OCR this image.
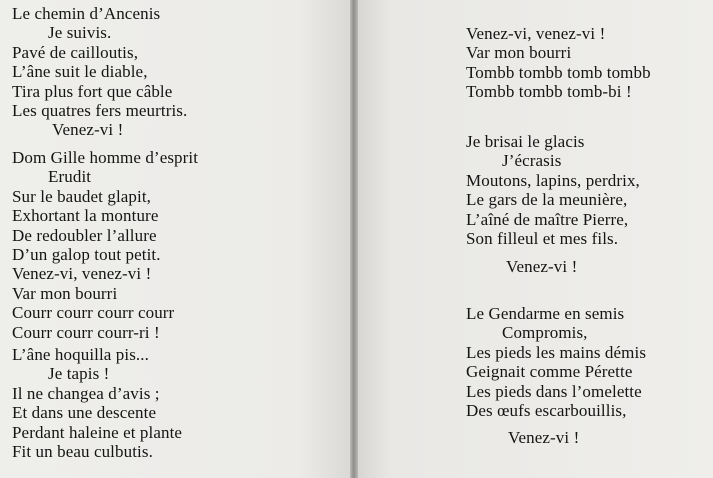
Le chemin d’Ancenis
Je suivis.
Pavé de cailloutis,
L’âne suit le diable,
Tira plus fort que câble
Les quatres fers meurtris.
Venez-vi !
Dom Gille homme d’esprit
Erudit
Sur le baudet glapit,
Exhortant la monture
De redoubler l’allure
D’un galop tout petit.
Venez-vi, venez-vi !
Var mon bourri
Courr courr courr courr
Courr courr courr-ri !
L’âne hoquilla pis...
Je tapis !
Il ne changea d’avis ;
Et dans une descente
Perdant haleine et plante
Fit un beau culbutis.
Venez-vi, venez-vi !
Var mon bourri
Tombb tombb tomb tombb
Tombb tombb tomb-bi !
Je brisai le glacis
J’écrasis
Moutons, lapins, perdrix,
Le gars de la meunière,
L’aîné de maître Pierre,
Son filleul et mes fils.
Venez-vi !
Le Gendarme en semis
Compromis,
Les pieds les mains démis
Geignait comme Pérette
Les pieds dans l’omelette
Des œufs escarbouillis,
Venez-vi !
